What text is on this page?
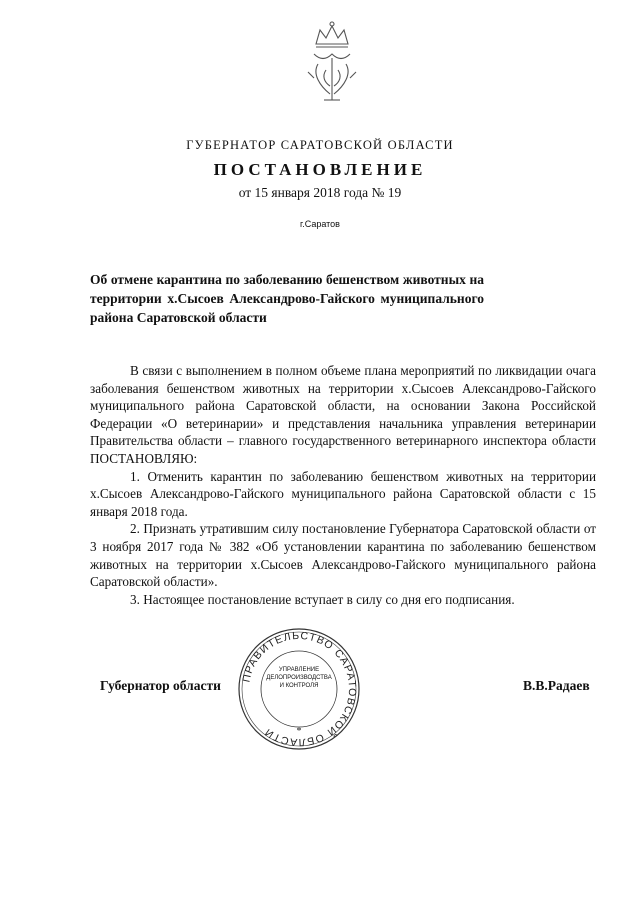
ГУБЕРНАТОР САРАТОВСКОЙ ОБЛАСТИ
ПОСТАНОВЛЕНИЕ
от 15 января 2018 года № 19
г.Саратов
Об отмене карантина по заболеванию бешенством животных на территории х.Сысоев Александрово-Гайского муниципального района Саратовской области

В связи с выполнением в полном объеме плана мероприятий по ликвидации очага заболевания бешенством животных на территории х.Сысоев Александрово-Гайского муниципального района Саратовской области, на основании Закона Российской Федерации «О ветеринарии» и представления начальника управления ветеринарии Правительства области – главного государственного ветеринарного инспектора области ПОСТАНОВЛЯЮ:

1. Отменить карантин по заболеванию бешенством животных на территории х.Сысоев Александрово-Гайского муниципального района Саратовской области с 15 января 2018 года.

2. Признать утратившим силу постановление Губернатора Саратовской области от 3 ноября 2017 года № 382 «Об установлении карантина по заболеванию бешенством животных на территории х.Сысоев Александрово-Гайского муниципального района Саратовской области».

3. Настоящее постановление вступает в силу со дня его подписания.

Губернатор области	В.В.Радаев
ПРАВИТЕЛЬСТВО САРАТОВСКОЙ ОБЛАСТИ	*
УПРАВЛЕНИЕ
ДЕЛОПРОИЗВОДСТВА
И КОНТРОЛЯ
